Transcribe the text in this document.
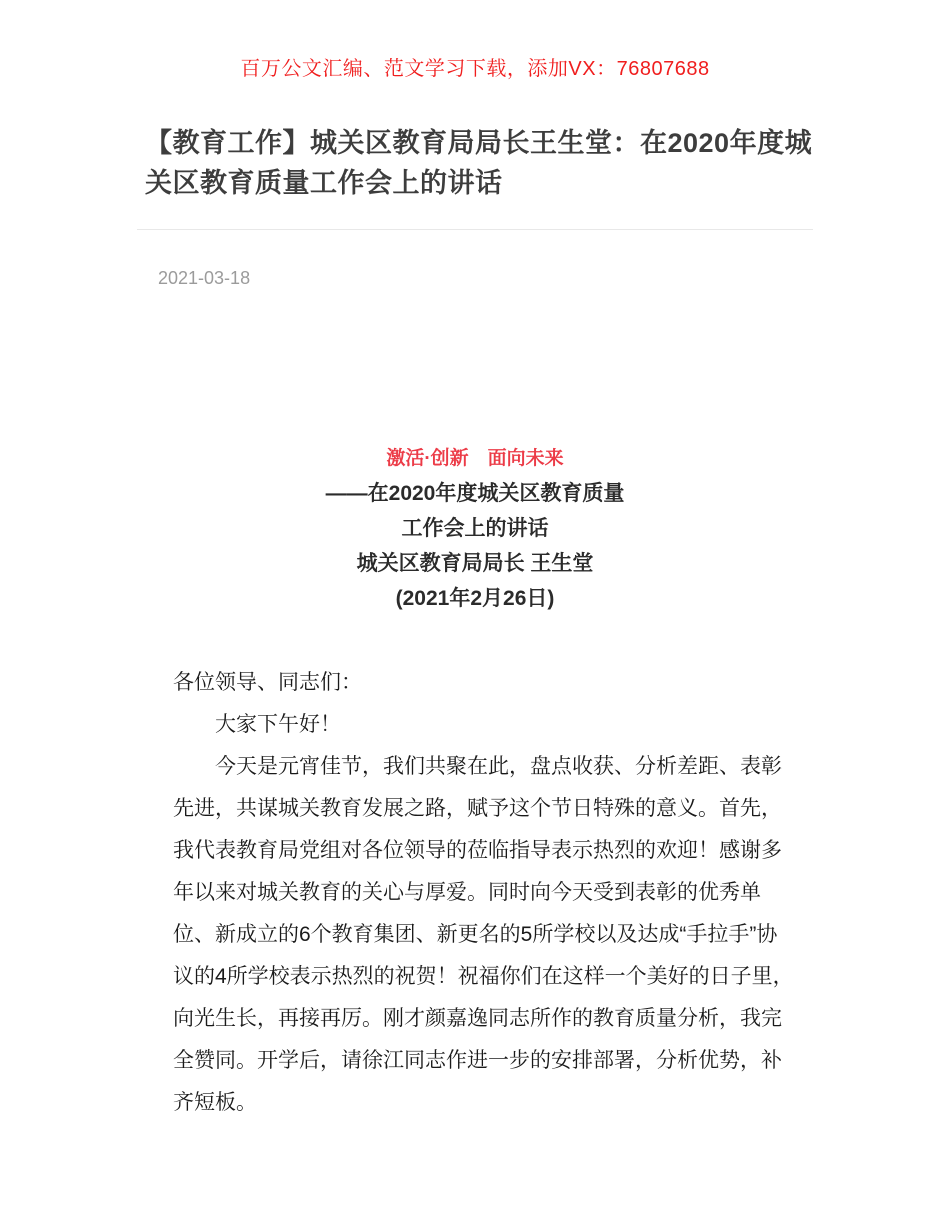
百万公文汇编、范文学习下载，添加VX：76807688
【教育工作】城关区教育局局长王生堂：在2020年度城关区教育质量工作会上的讲话
2021-03-18
激活·创新　面向未来
——在2020年度城关区教育质量
工作会上的讲话
城关区教育局局长 王生堂
(2021年2月26日)

各位领导、同志们：

大家下午好！

今天是元宵佳节，我们共聚在此，盘点收获、分析差距、表彰先进，共谋城关教育发展之路，赋予这个节日特殊的意义。首先，我代表教育局党组对各位领导的莅临指导表示热烈的欢迎！感谢多年以来对城关教育的关心与厚爱。同时向今天受到表彰的优秀单位、新成立的6个教育集团、新更名的5所学校以及达成“手拉手”协议的4所学校表示热烈的祝贺！祝福你们在这样一个美好的日子里，向光生长，再接再厉。刚才颜嘉逸同志所作的教育质量分析，我完全赞同。开学后，请徐江同志作进一步的安排部署，分析优势，补齐短板。
